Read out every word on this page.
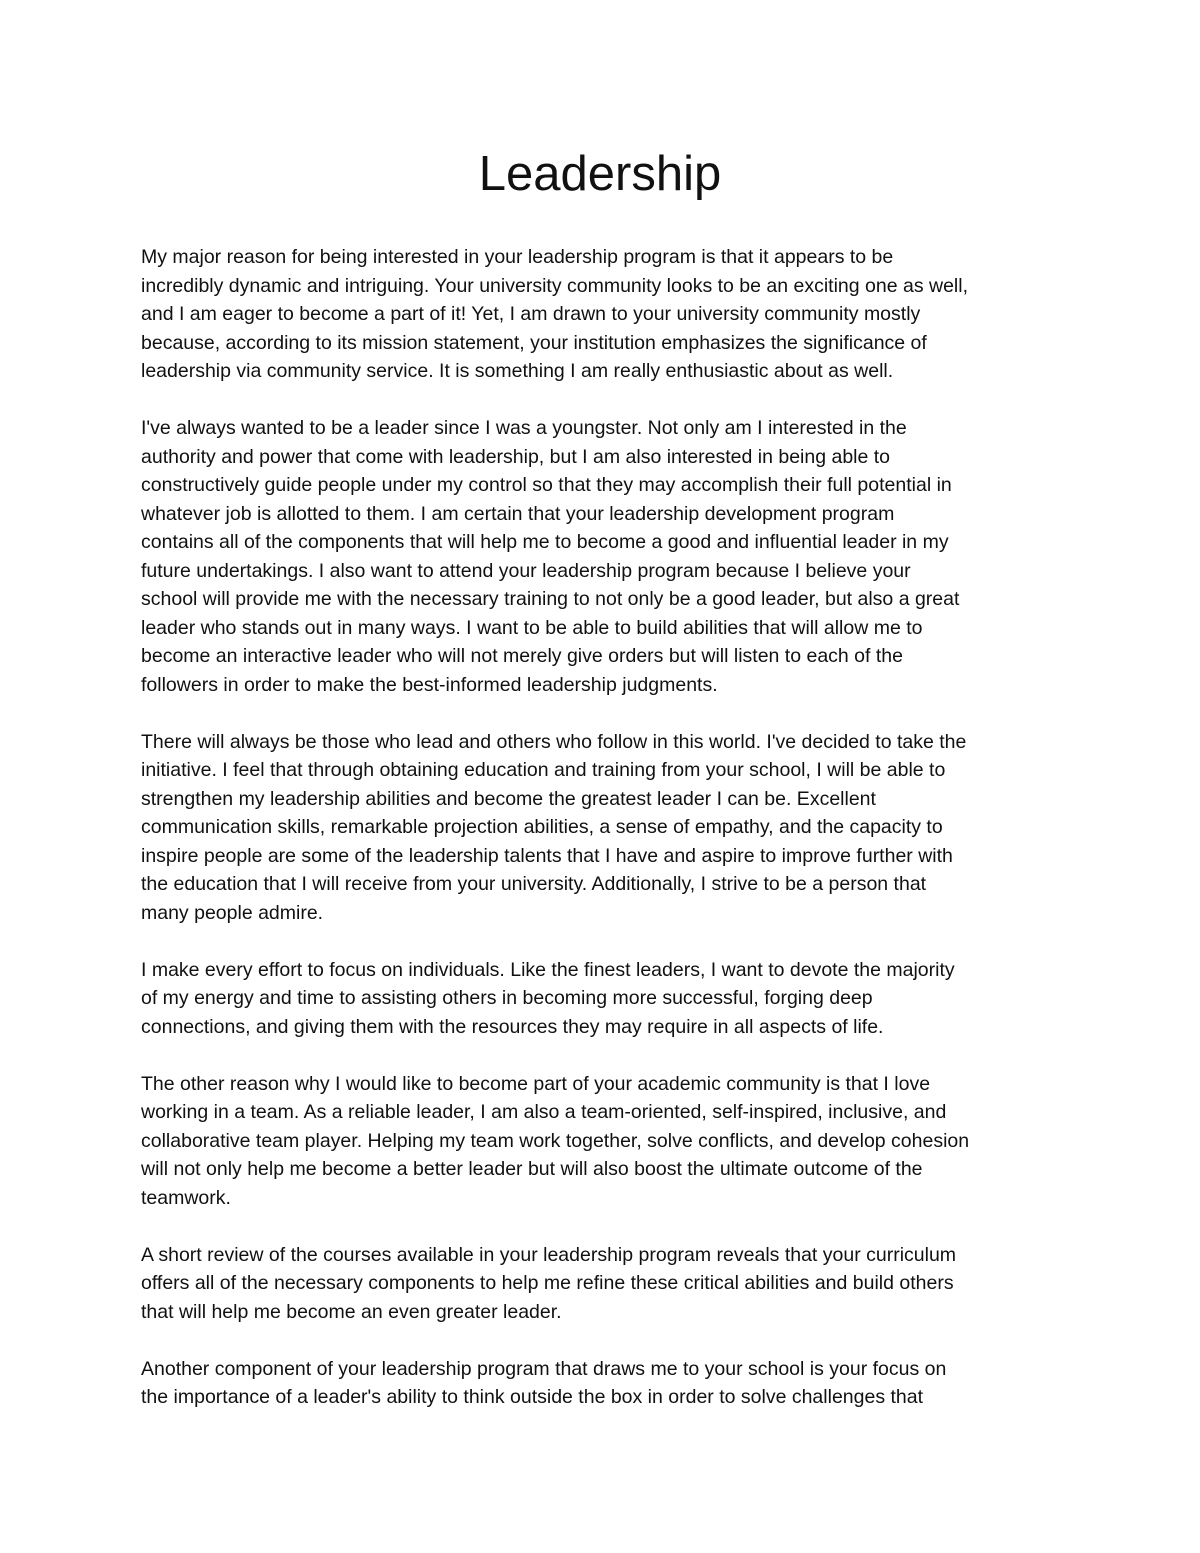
Leadership
My major reason for being interested in your leadership program is that it appears to be
incredibly dynamic and intriguing. Your university community looks to be an exciting one as well,
and I am eager to become a part of it! Yet, I am drawn to your university community mostly
because, according to its mission statement, your institution emphasizes the significance of
leadership via community service. It is something I am really enthusiastic about as well.
I've always wanted to be a leader since I was a youngster. Not only am I interested in the
authority and power that come with leadership, but I am also interested in being able to
constructively guide people under my control so that they may accomplish their full potential in
whatever job is allotted to them. I am certain that your leadership development program
contains all of the components that will help me to become a good and influential leader in my
future undertakings. I also want to attend your leadership program because I believe your
school will provide me with the necessary training to not only be a good leader, but also a great
leader who stands out in many ways. I want to be able to build abilities that will allow me to
become an interactive leader who will not merely give orders but will listen to each of the
followers in order to make the best-informed leadership judgments.
There will always be those who lead and others who follow in this world. I've decided to take the
initiative. I feel that through obtaining education and training from your school, I will be able to
strengthen my leadership abilities and become the greatest leader I can be. Excellent
communication skills, remarkable projection abilities, a sense of empathy, and the capacity to
inspire people are some of the leadership talents that I have and aspire to improve further with
the education that I will receive from your university. Additionally, I strive to be a person that
many people admire.
I make every effort to focus on individuals. Like the finest leaders, I want to devote the majority
of my energy and time to assisting others in becoming more successful, forging deep
connections, and giving them with the resources they may require in all aspects of life.
The other reason why I would like to become part of your academic community is that I love
working in a team. As a reliable leader, I am also a team-oriented, self-inspired, inclusive, and
collaborative team player. Helping my team work together, solve conflicts, and develop cohesion
will not only help me become a better leader but will also boost the ultimate outcome of the
teamwork.
A short review of the courses available in your leadership program reveals that your curriculum
offers all of the necessary components to help me refine these critical abilities and build others
that will help me become an even greater leader.
Another component of your leadership program that draws me to your school is your focus on
the importance of a leader's ability to think outside the box in order to solve challenges that
